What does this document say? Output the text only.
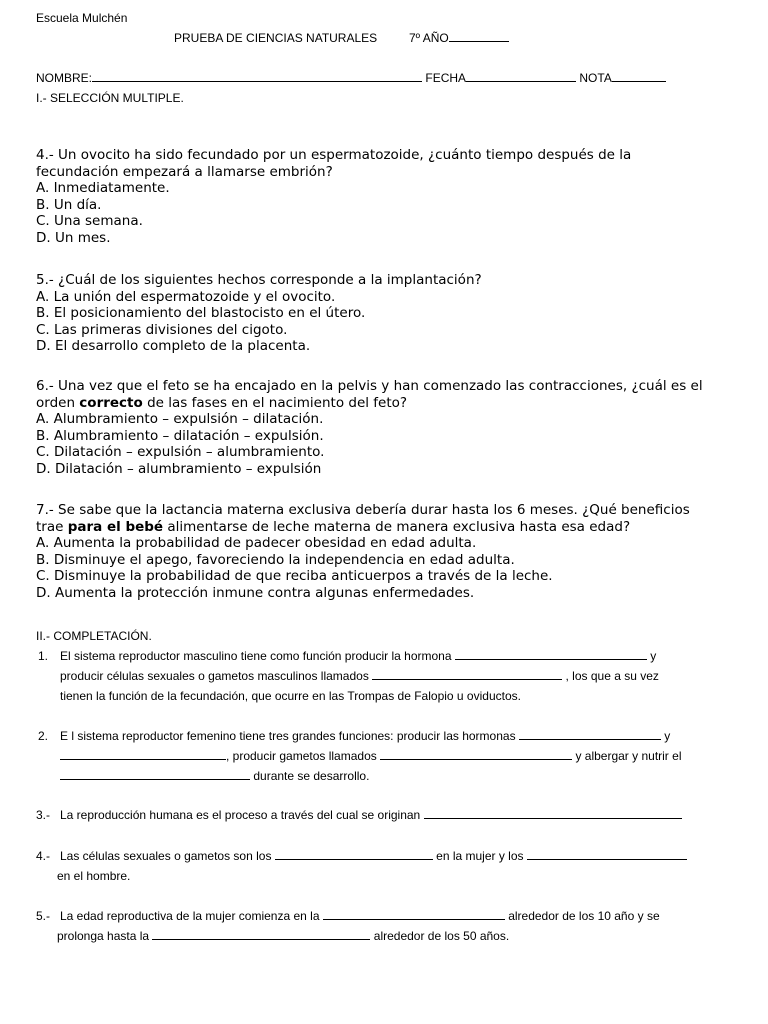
Escuela Mulchén
PRUEBA DE CIENCIAS NATURALES	7º AÑO
NOMBRE:	FECHA	NOTA
I.- SELECCIÓN MULTIPLE.
4.- Un ovocito ha sido fecundado por un espermatozoide, ¿cuánto tiempo después de la
fecundación empezará a llamarse embrión?
A. Inmediatamente.
B. Un día.
C. Una semana.
D. Un mes.
5.- ¿Cuál de los siguientes hechos corresponde a la implantación?
A. La unión del espermatozoide y el ovocito.
B. El posicionamiento del blastocisto en el útero.
C. Las primeras divisiones del cigoto.
D. El desarrollo completo de la placenta.
6.- Una vez que el feto se ha encajado en la pelvis y han comenzado las contracciones, ¿cuál es el
orden correcto de las fases en el nacimiento del feto?
A. Alumbramiento – expulsión – dilatación.
B. Alumbramiento – dilatación – expulsión.
C. Dilatación – expulsión – alumbramiento.
D. Dilatación – alumbramiento – expulsión
7.- Se sabe que la lactancia materna exclusiva debería durar hasta los 6 meses. ¿Qué beneficios
trae para el bebé alimentarse de leche materna de manera exclusiva hasta esa edad?
A. Aumenta la probabilidad de padecer obesidad en edad adulta.
B. Disminuye el apego, favoreciendo la independencia en edad adulta.
C. Disminuye la probabilidad de que reciba anticuerpos a través de la leche.
D. Aumenta la protección inmune contra algunas enfermedades.
II.- COMPLETACIÓN.
1. El sistema reproductor masculino tiene como función producir la hormona	y
producir células sexuales o gametos masculinos llamados	, los que a su vez
tienen la función de la fecundación, que ocurre en las Trompas de Falopio u oviductos.
2. E l sistema reproductor femenino tiene tres grandes funciones: producir las hormonas	y
, producir gametos llamados	y albergar y nutrir el
durante se desarrollo.
3.- La reproducción humana es el proceso a través del cual se originan
4.- Las células sexuales o gametos son los	en la mujer y los
en el hombre.
5.- La edad reproductiva de la mujer comienza en la	alrededor de los 10 año y se
prolonga hasta la	alrededor de los 50 años.
